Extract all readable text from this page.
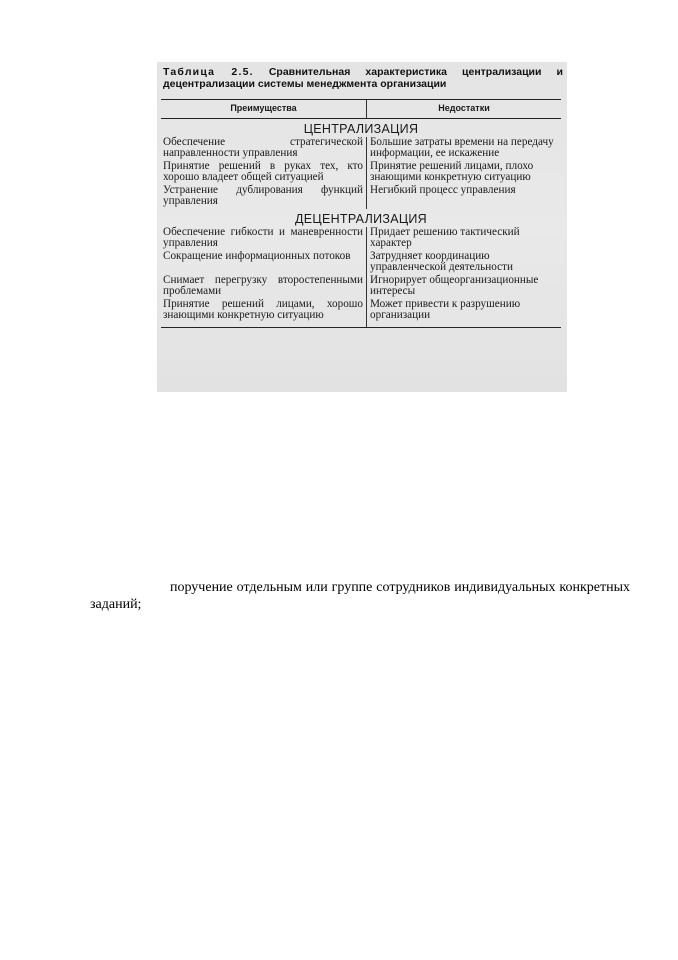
Таблица 2.5. Сравнительная характеристика централизации и децентрализации системы менеджмента организации
Преимущества	Недостатки
ЦЕНТРАЛИЗАЦИЯ	
Обеспечение стратегической направленности управления	Большие затраты времени на передачу информации, ее искажение
Принятие решений в руках тех, кто хорошо владеет общей ситуацией	Принятие решений лицами, плохо знающими конкретную ситуацию
Устранение дублирования функций управления	Негибкий процесс управления
ДЕЦЕНТРАЛИЗАЦИЯ	
Обеспечение гибкости и маневренности управления	Придает решению тактический характер
Сокращение информационных потоков	Затрудняет координацию управленческой деятельности
Снимает перегрузку второстепенными проблемами	Игнорирует общеорганизационные интересы
Принятие решений лицами, хорошо знающими конкретную ситуацию	Может привести к разрушению организации

поручение отдельным или группе сотрудников индивидуальных конкретных заданий;
